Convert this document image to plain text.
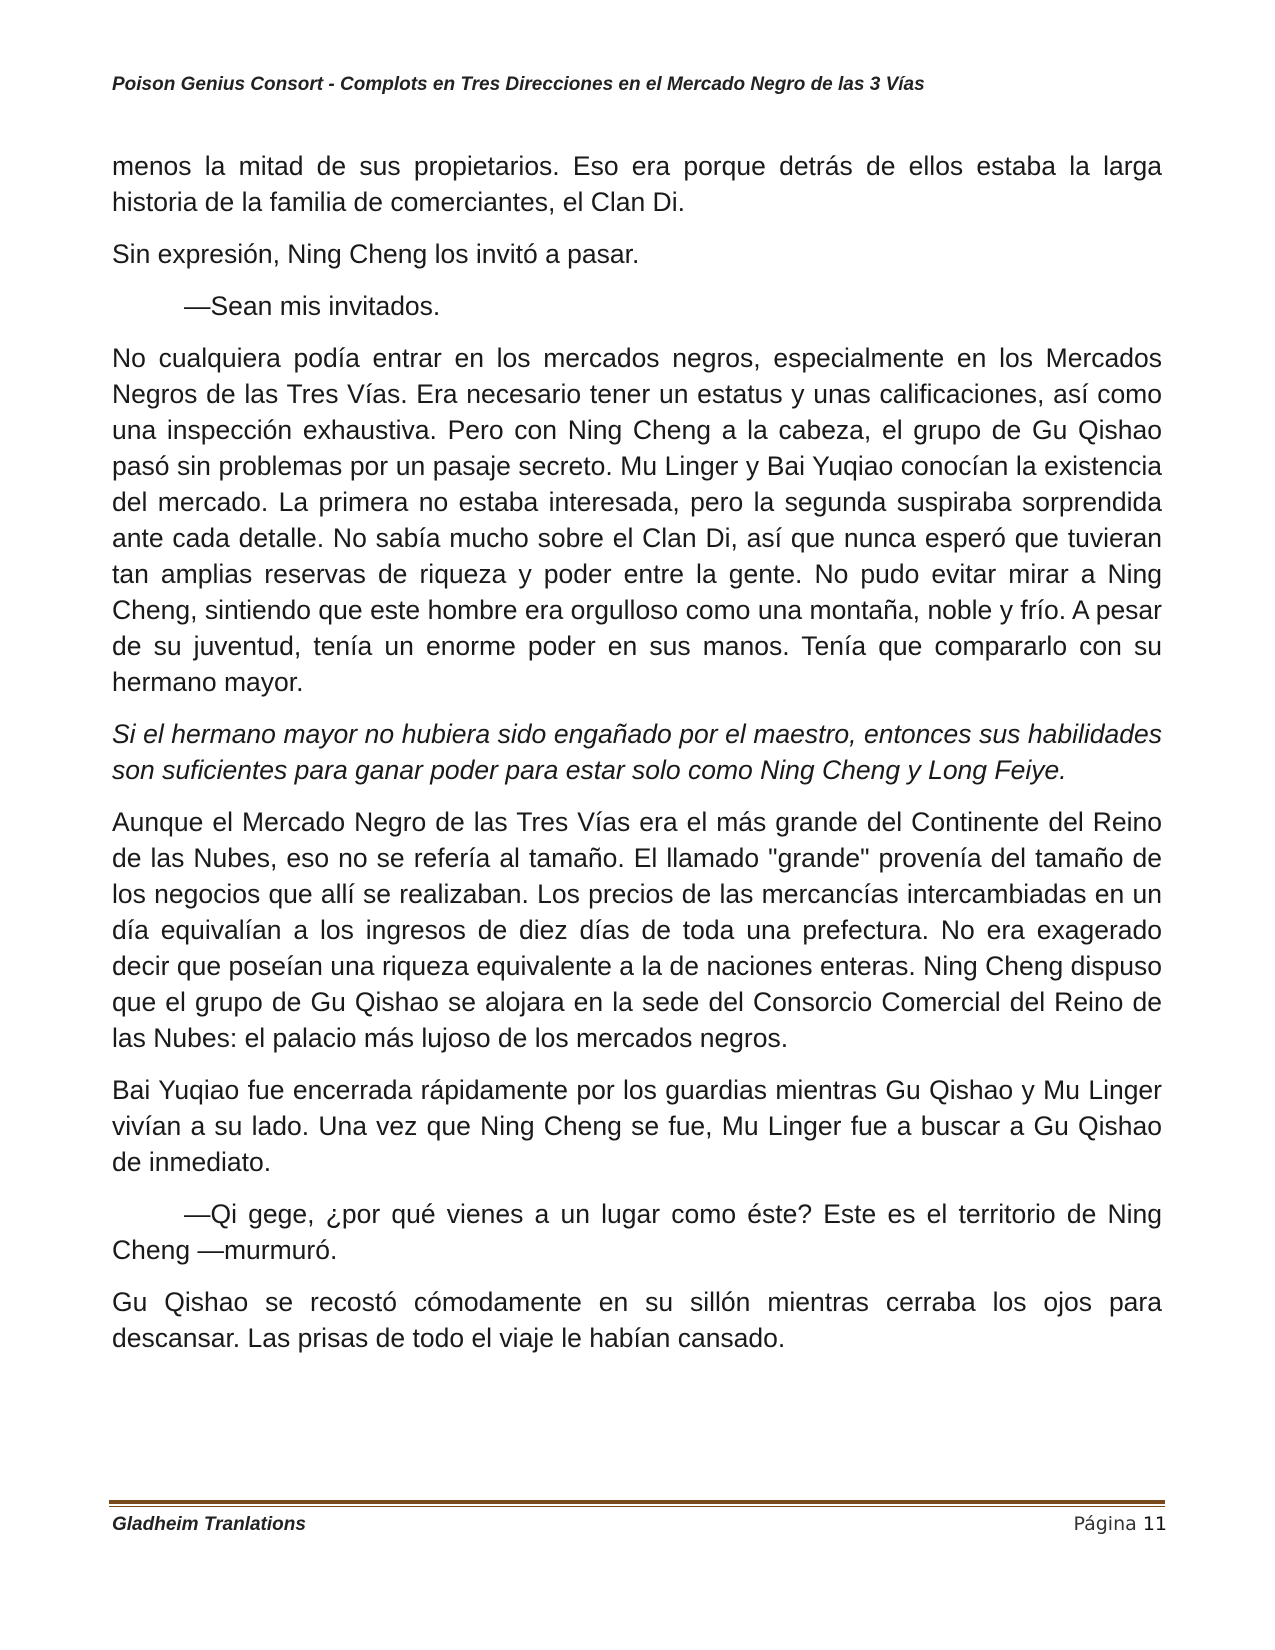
Poison Genius Consort - Complots en Tres Direcciones en el Mercado Negro de las 3 Vías

menos la mitad de sus propietarios. Eso era porque detrás de ellos estaba la larga historia de la familia de comerciantes, el Clan Di.

Sin expresión, Ning Cheng los invitó a pasar.

—Sean mis invitados.

No cualquiera podía entrar en los mercados negros, especialmente en los Mercados Negros de las Tres Vías. Era necesario tener un estatus y unas calificaciones, así como una inspección exhaustiva. Pero con Ning Cheng a la cabeza, el grupo de Gu Qishao pasó sin problemas por un pasaje secreto. Mu Linger y Bai Yuqiao conocían la existencia del mercado. La primera no estaba interesada, pero la segunda suspiraba sorprendida ante cada detalle. No sabía mucho sobre el Clan Di, así que nunca esperó que tuvieran tan amplias reservas de riqueza y poder entre la gente. No pudo evitar mirar a Ning Cheng, sintiendo que este hombre era orgulloso como una montaña, noble y frío. A pesar de su juventud, tenía un enorme poder en sus manos. Tenía que compararlo con su hermano mayor.

Si el hermano mayor no hubiera sido engañado por el maestro, entonces sus habilidades son suficientes para ganar poder para estar solo como Ning Cheng y Long Feiye.

Aunque el Mercado Negro de las Tres Vías era el más grande del Continente del Reino de las Nubes, eso no se refería al tamaño. El llamado "grande" provenía del tamaño de los negocios que allí se realizaban. Los precios de las mercancías intercambiadas en un día equivalían a los ingresos de diez días de toda una prefectura. No era exagerado decir que poseían una riqueza equivalente a la de naciones enteras. Ning Cheng dispuso que el grupo de Gu Qishao se alojara en la sede del Consorcio Comercial del Reino de las Nubes: el palacio más lujoso de los mercados negros.

Bai Yuqiao fue encerrada rápidamente por los guardias mientras Gu Qishao y Mu Linger vivían a su lado. Una vez que Ning Cheng se fue, Mu Linger fue a buscar a Gu Qishao de inmediato.

—Qi gege, ¿por qué vienes a un lugar como éste? Este es el territorio de Ning Cheng —murmuró.

Gu Qishao se recostó cómodamente en su sillón mientras cerraba los ojos para descansar. Las prisas de todo el viaje le habían cansado.

Gladheim Tranlations	Página 11
